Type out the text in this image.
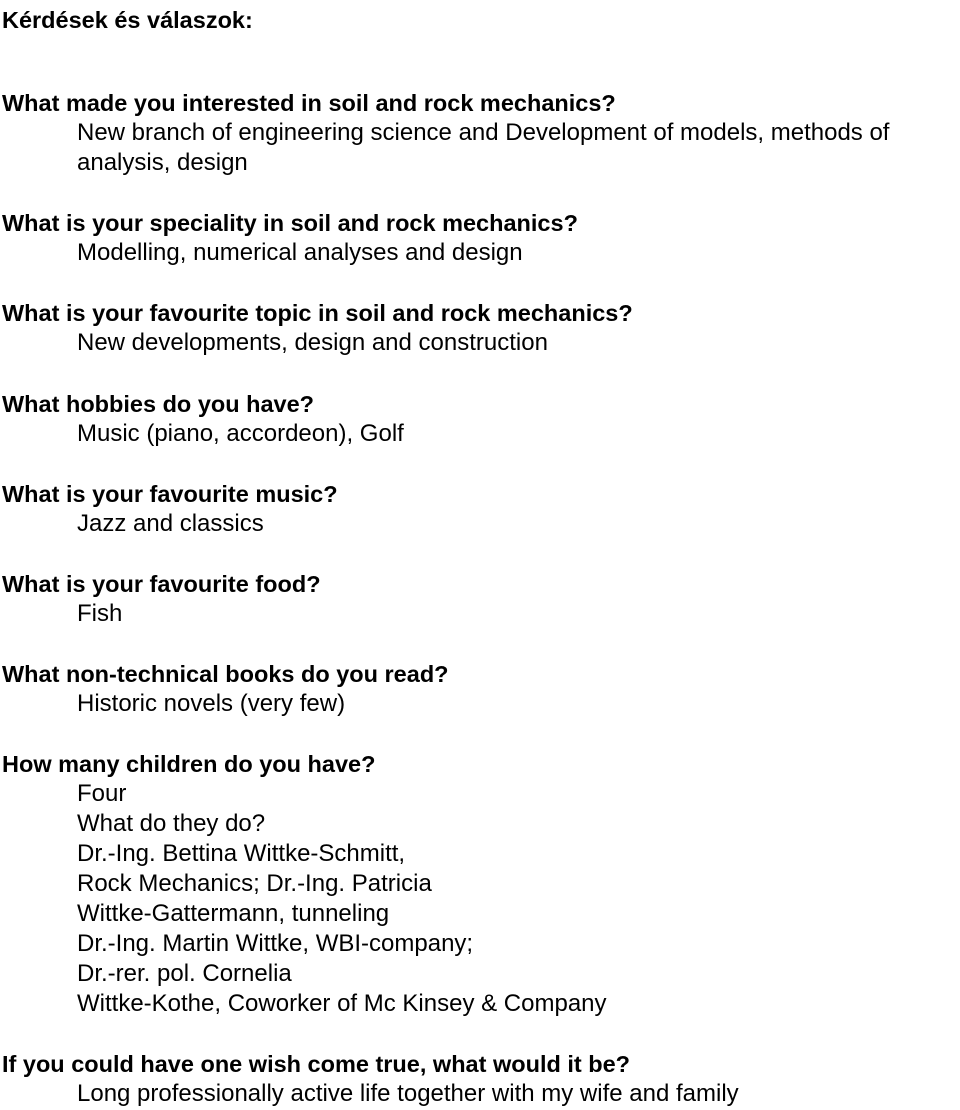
Kérdések és válaszok:
What made you interested in soil and rock mechanics?
New branch of engineering science and Development of models, methods of
analysis, design
What is your speciality in soil and rock mechanics?
Modelling, numerical analyses and design
What is your favourite topic in soil and rock mechanics?
New developments, design and construction
What hobbies do you have?
Music (piano, accordeon), Golf
What is your favourite music?
Jazz and classics
What is your favourite food?
Fish
What non-technical books do you read?
Historic novels (very few)
How many children do you have?
Four
What do they do?
Dr.-Ing. Bettina Wittke-Schmitt,
Rock Mechanics; Dr.-Ing. Patricia
Wittke-Gattermann, tunneling
Dr.-Ing. Martin Wittke, WBI-company;
Dr.-rer. pol. Cornelia
Wittke-Kothe, Coworker of Mc Kinsey & Company
If you could have one wish come true, what would it be?
Long professionally active life together with my wife and family
